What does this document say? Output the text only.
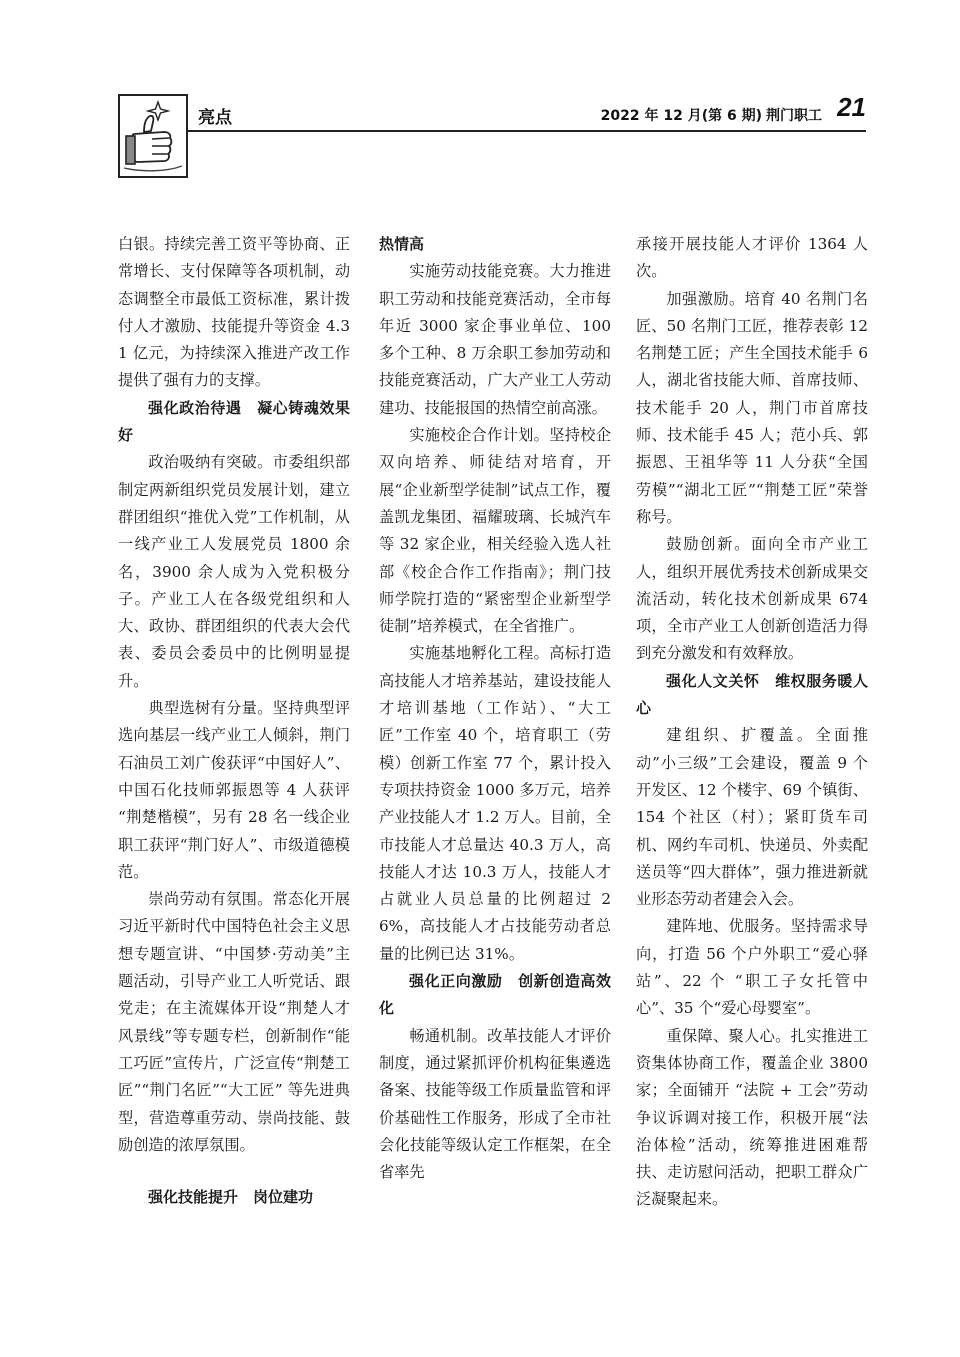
亮点	2022 年 12 月(第 6 期) 荆门职工 21

白银。持续完善工资平等协商、正常增长、支付保障等各项机制，动态调整全市最低工资标准，累计拨付人才激励、技能提升等资金 4.31 亿元，为持续深入推进产改工作提供了强有力的支撑。

强化政治待遇　凝心铸魂效果好

政治吸纳有突破。市委组织部制定两新组织党员发展计划，建立群团组织“推优入党”工作机制，从一线产业工人发展党员 1800 余名，3900 余人成为入党积极分子。产业工人在各级党组织和人大、政协、群团组织的代表大会代表、委员会委员中的比例明显提升。

典型选树有分量。坚持典型评选向基层一线产业工人倾斜，荆门石油员工刘广俊获评“中国好人”、中国石化技师郭振恩等 4 人获评 “荆楚楷模”，另有 28 名一线企业职工获评“荆门好人”、市级道德模范。

崇尚劳动有氛围。常态化开展习近平新时代中国特色社会主义思想专题宣讲、“中国梦·劳动美”主题活动，引导产业工人听党话、跟党走；在主流媒体开设“荆楚人才风景线”等专题专栏，创新制作“能工巧匠”宣传片，广泛宣传“荆楚工匠”“荆门名匠”“大工匠” 等先进典型，营造尊重劳动、崇尚技能、鼓励创造的浓厚氛围。

强化技能提升　岗位建功

热情高

实施劳动技能竞赛。大力推进职工劳动和技能竞赛活动，全市每年近 3000 家企事业单位、100 多个工种、8 万余职工参加劳动和技能竞赛活动，广大产业工人劳动建功、技能报国的热情空前高涨。

实施校企合作计划。坚持校企双向培养、师徒结对培育，开展“企业新型学徒制”试点工作，覆盖凯龙集团、福耀玻璃、长城汽车等 32 家企业，相关经验入选人社部《校企合作工作指南》；荆门技师学院打造的“紧密型企业新型学徒制”培养模式，在全省推广。

实施基地孵化工程。高标打造高技能人才培养基站，建设技能人才培训基地（工作站）、“大工匠”工作室 40 个，培育职工（劳模）创新工作室 77 个，累计投入专项扶持资金 1000 多万元，培养产业技能人才 1.2 万人。目前，全市技能人才总量达 40.3 万人，高技能人才达 10.3 万人，技能人才占就业人员总量的比例超过 26%，高技能人才占技能劳动者总量的比例已达 31%。

强化正向激励　创新创造高效化

畅通机制。改革技能人才评价制度，通过紧抓评价机构征集遴选备案、技能等级工作质量监管和评价基础性工作服务，形成了全市社会化技能等级认定工作框架，在全省率先

承接开展技能人才评价 1364 人次。

加强激励。培育 40 名荆门名匠、50 名荆门工匠，推荐表彰 12 名荆楚工匠；产生全国技术能手 6 人，湖北省技能大师、首席技师、技术能手 20 人，荆门市首席技师、技术能手 45 人；范小兵、郭振恩、王祖华等 11 人分获“全国劳模”“湖北工匠”“荆楚工匠”荣誉称号。

鼓励创新。面向全市产业工人，组织开展优秀技术创新成果交流活动，转化技术创新成果 674 项，全市产业工人创新创造活力得到充分激发和有效释放。

强化人文关怀　维权服务暖人心

建组织、扩覆盖。全面推动”小三级”工会建设，覆盖 9 个开发区、12 个楼宇、69 个镇街、154 个社区（村）；紧盯货车司机、网约车司机、快递员、外卖配送员等“四大群体”，强力推进新就业形态劳动者建会入会。

建阵地、优服务。坚持需求导向，打造 56 个户外职工“爱心驿站”、22 个 “职工子女托管中心”、35 个“爱心母婴室”。

重保障、聚人心。扎实推进工资集体协商工作，覆盖企业 3800 家；全面铺开 “法院 + 工会”劳动争议诉调对接工作，积极开展“法治体检”活动，统筹推进困难帮扶、走访慰问活动，把职工群众广泛凝聚起来。
